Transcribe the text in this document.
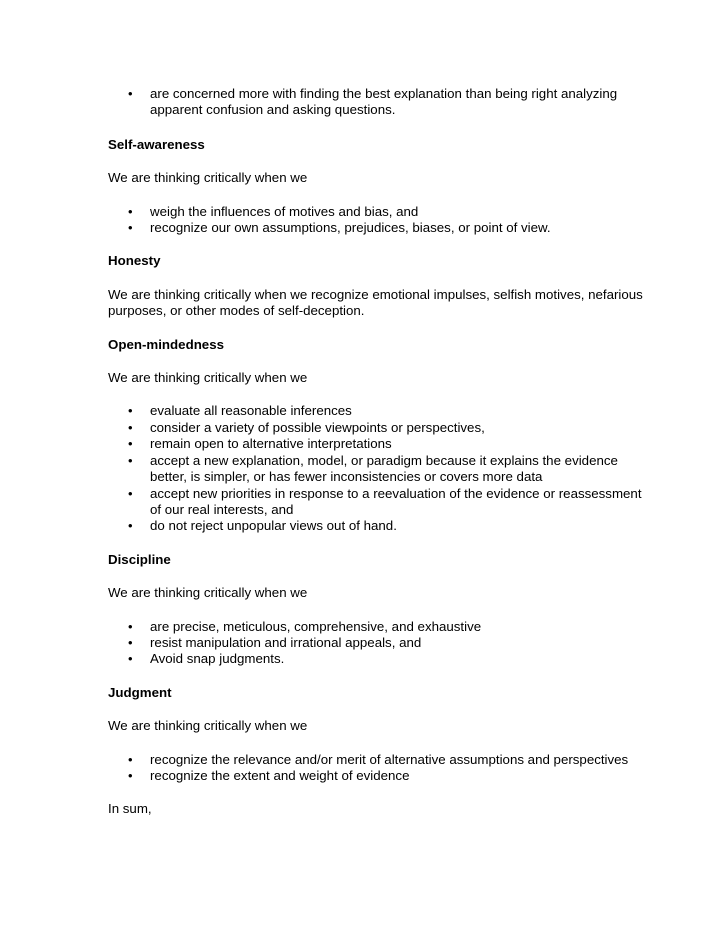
• are concerned more with finding the best explanation than being right analyzing apparent confusion and asking questions.

Self-awareness

We are thinking critically when we

• weigh the influences of motives and bias, and
• recognize our own assumptions, prejudices, biases, or point of view.

Honesty

We are thinking critically when we recognize emotional impulses, selfish motives, nefarious purposes, or other modes of self-deception.

Open-mindedness

We are thinking critically when we

• evaluate all reasonable inferences
• consider a variety of possible viewpoints or perspectives,
• remain open to alternative interpretations
• accept a new explanation, model, or paradigm because it explains the evidence better, is simpler, or has fewer inconsistencies or covers more data
• accept new priorities in response to a reevaluation of the evidence or reassessment of our real interests, and
• do not reject unpopular views out of hand.

Discipline

We are thinking critically when we

• are precise, meticulous, comprehensive, and exhaustive
• resist manipulation and irrational appeals, and
• Avoid snap judgments.

Judgment

We are thinking critically when we

• recognize the relevance and/or merit of alternative assumptions and perspectives
• recognize the extent and weight of evidence

In sum,
